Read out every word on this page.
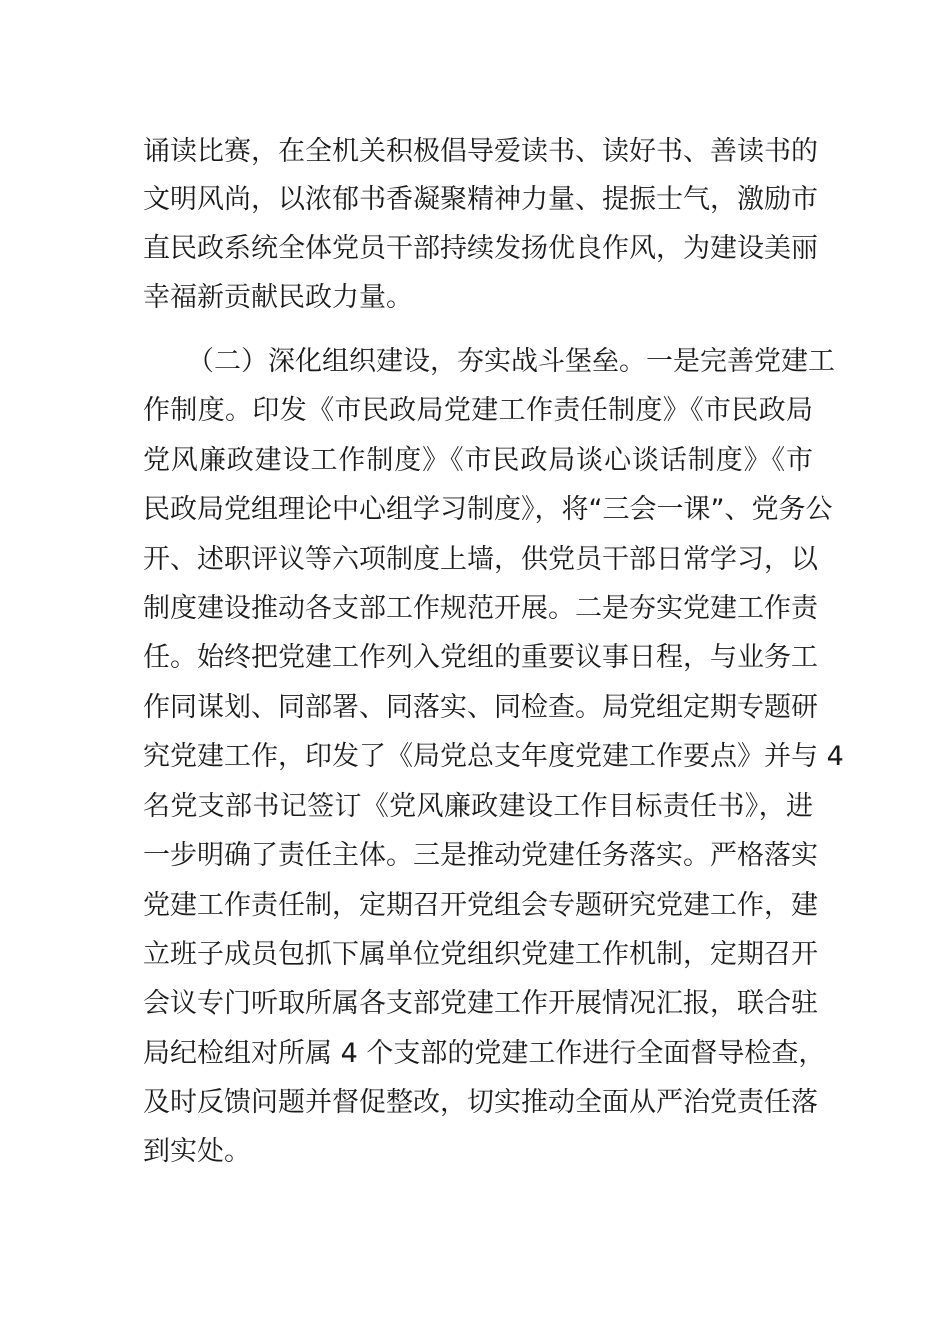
诵读比赛，在全机关积极倡导爱读书、读好书、善读书的
文明风尚，以浓郁书香凝聚精神力量、提振士气，激励市
直民政系统全体党员干部持续发扬优良作风，为建设美丽
幸福新贡献民政力量。
（二）深化组织建设，夯实战斗堡垒。一是完善党建工
作制度。印发《市民政局党建工作责任制度》《市民政局
党风廉政建设工作制度》《市民政局谈心谈话制度》《市
民政局党组理论中心组学习制度》，将“三会一课”、党务公
开、述职评议等六项制度上墙，供党员干部日常学习，以
制度建设推动各支部工作规范开展。二是夯实党建工作责
任。始终把党建工作列入党组的重要议事日程，与业务工
作同谋划、同部署、同落实、同检查。局党组定期专题研
究党建工作，印发了《局党总支年度党建工作要点》并与 4
名党支部书记签订《党风廉政建设工作目标责任书》，进
一步明确了责任主体。三是推动党建任务落实。严格落实
党建工作责任制，定期召开党组会专题研究党建工作，建
立班子成员包抓下属单位党组织党建工作机制，定期召开
会议专门听取所属各支部党建工作开展情况汇报，联合驻
局纪检组对所属 4 个支部的党建工作进行全面督导检查，
及时反馈问题并督促整改，切实推动全面从严治党责任落
到实处。
